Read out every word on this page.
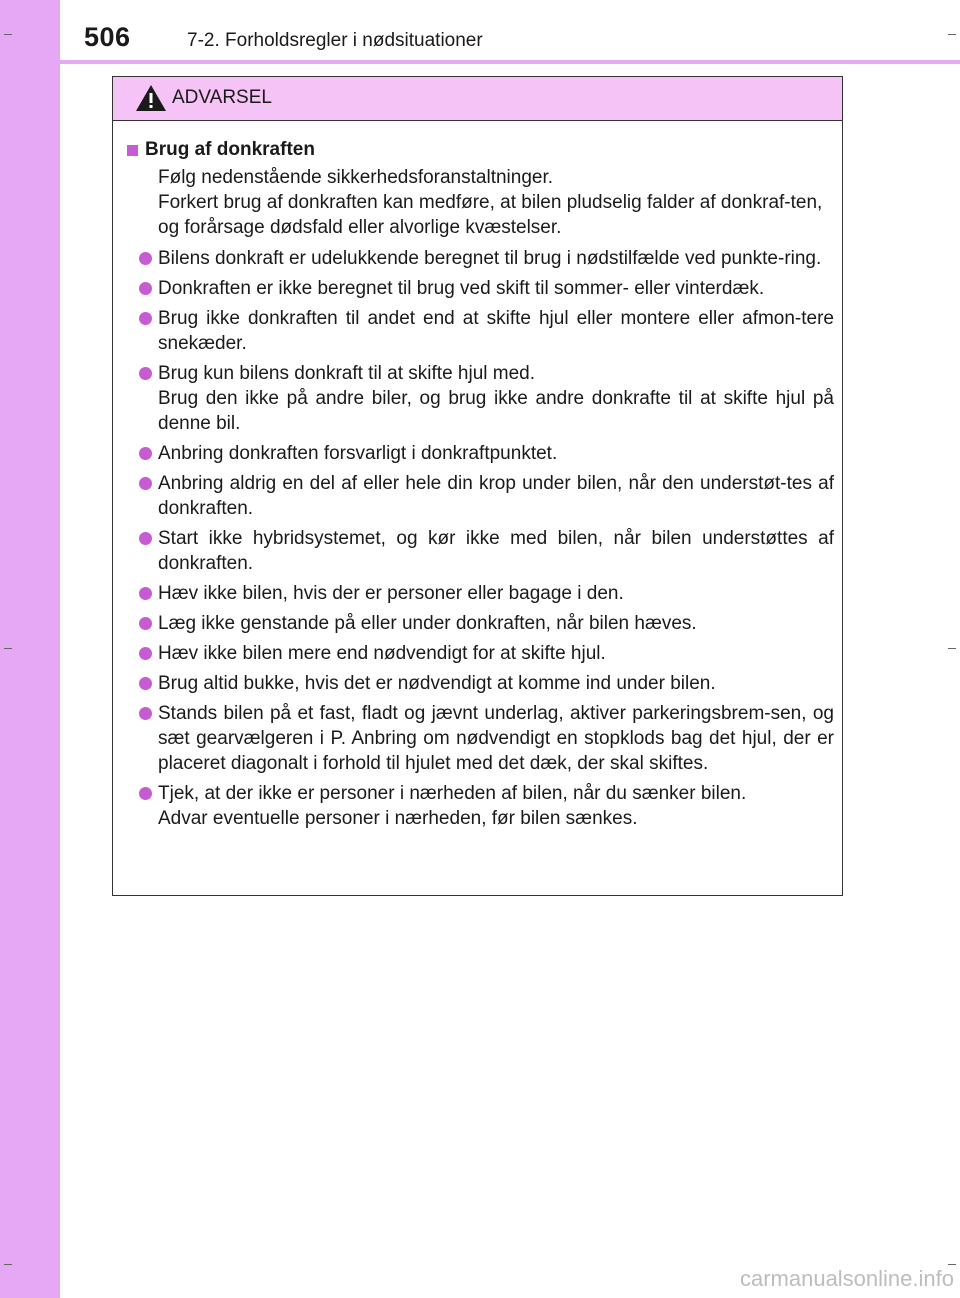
506	7-2. Forholdsregler i nødsituationer
ADVARSEL
Brug af donkraften
Følg nedenstående sikkerhedsforanstaltninger.
Forkert brug af donkraften kan medføre, at bilen pludselig falder af donkraf-ten, og forårsage dødsfald eller alvorlige kvæstelser.
Bilens donkraft er udelukkende beregnet til brug i nødstilfælde ved punkte-ring.
Donkraften er ikke beregnet til brug ved skift til sommer- eller vinterdæk.
Brug ikke donkraften til andet end at skifte hjul eller montere eller afmon-tere snekæder.
Brug kun bilens donkraft til at skifte hjul med.
Brug den ikke på andre biler, og brug ikke andre donkrafte til at skifte hjul på denne bil.
Anbring donkraften forsvarligt i donkraftpunktet.
Anbring aldrig en del af eller hele din krop under bilen, når den understøt-tes af donkraften.
Start ikke hybridsystemet, og kør ikke med bilen, når bilen understøttes af donkraften.
Hæv ikke bilen, hvis der er personer eller bagage i den.
Læg ikke genstande på eller under donkraften, når bilen hæves.
Hæv ikke bilen mere end nødvendigt for at skifte hjul.
Brug altid bukke, hvis det er nødvendigt at komme ind under bilen.
Stands bilen på et fast, fladt og jævnt underlag, aktiver parkeringsbrem-sen, og sæt gearvælgeren i P. Anbring om nødvendigt en stopklods bag det hjul, der er placeret diagonalt i forhold til hjulet med det dæk, der skal skiftes.
Tjek, at der ikke er personer i nærheden af bilen, når du sænker bilen.
Advar eventuelle personer i nærheden, før bilen sænkes.
carmanualsonline.info
